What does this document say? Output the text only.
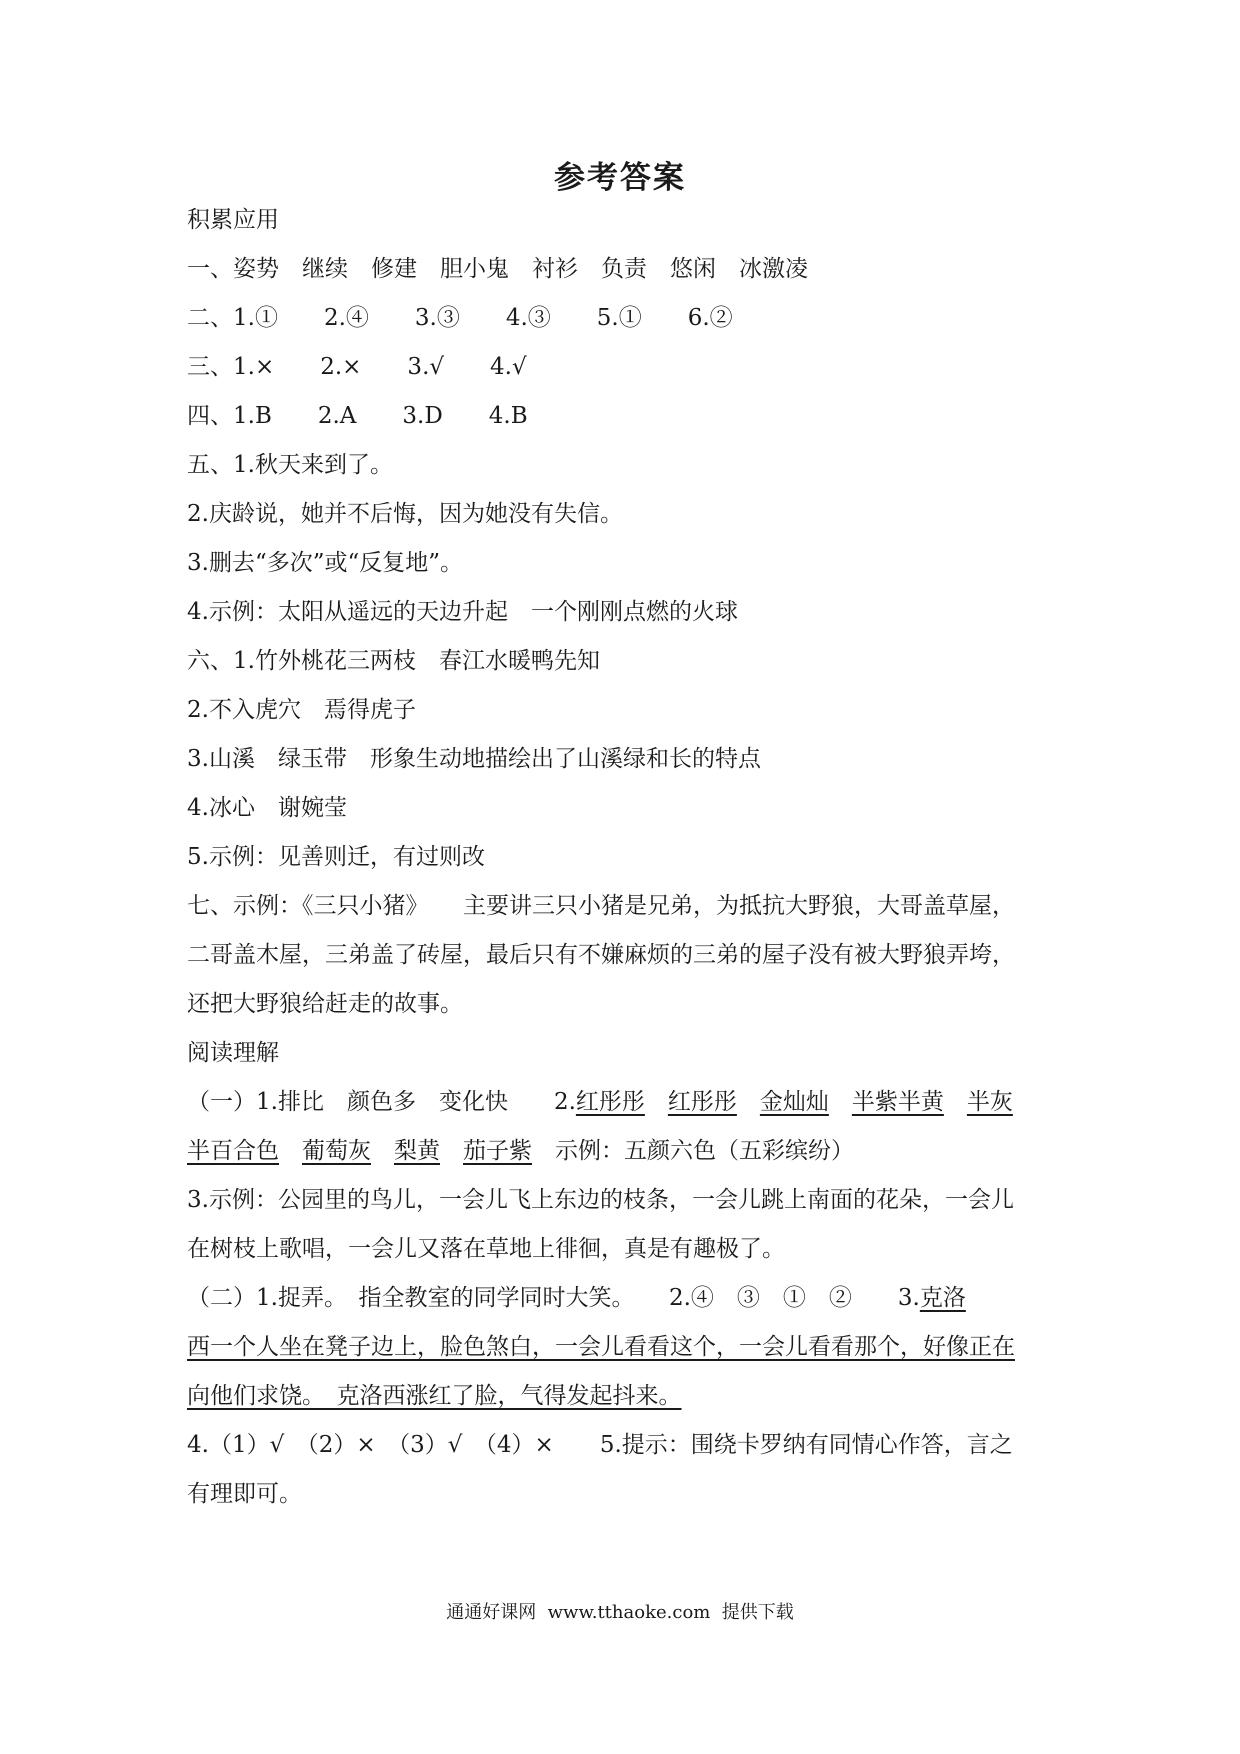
参考答案
积累应用
一、姿势　继续　修建　胆小鬼　衬衫　负责　悠闲　冰激凌
二、1.①　　2.④　　3.③　　4.③　　5.①　　6.②
三、1.×　　2.×　　3.√　　4.√
四、1.B　　2.A　　3.D　　4.B
五、1.秋天来到了。
2.庆龄说，她并不后悔，因为她没有失信。
3.删去“多次”或“反复地”。
4.示例：太阳从遥远的天边升起　一个刚刚点燃的火球
六、1.竹外桃花三两枝　春江水暖鸭先知
2.不入虎穴　焉得虎子
3.山溪　绿玉带　形象生动地描绘出了山溪绿和长的特点
4.冰心　谢婉莹
5.示例：见善则迁，有过则改
七、示例：《三只小猪》　　主要讲三只小猪是兄弟，为抵抗大野狼，大哥盖草屋，
二哥盖木屋，三弟盖了砖屋，最后只有不嫌麻烦的三弟的屋子没有被大野狼弄垮，
还把大野狼给赶走的故事。
阅读理解
（一）1.排比　颜色多　变化快　　2.红彤彤　 红彤彤　 金灿灿　 半紫半黄　 半灰
半百合色　 葡萄灰　 梨黄　 茄子紫　 示例：五颜六色（五彩缤纷）
3.示例：公园里的鸟儿，一会儿飞上东边的枝条，一会儿跳上南面的花朵，一会儿
在树枝上歌唱，一会儿又落在草地上徘徊，真是有趣极了。
（二）1.捉弄。　指全教室的同学同时大笑。　　2.④　③　①　②　　3.克洛
西一个人坐在凳子边上，脸色煞白，一会儿看看这个，一会儿看看那个，好像正在
向他们求饶。　 克洛西涨红了脸，气得发起抖来。
4.（1）√　（2）×　（3）√　（4）×　　5.提示：围绕卡罗纳有同情心作答，言之
有理即可。
通通好课网  www.tthaoke.com  提供下载
